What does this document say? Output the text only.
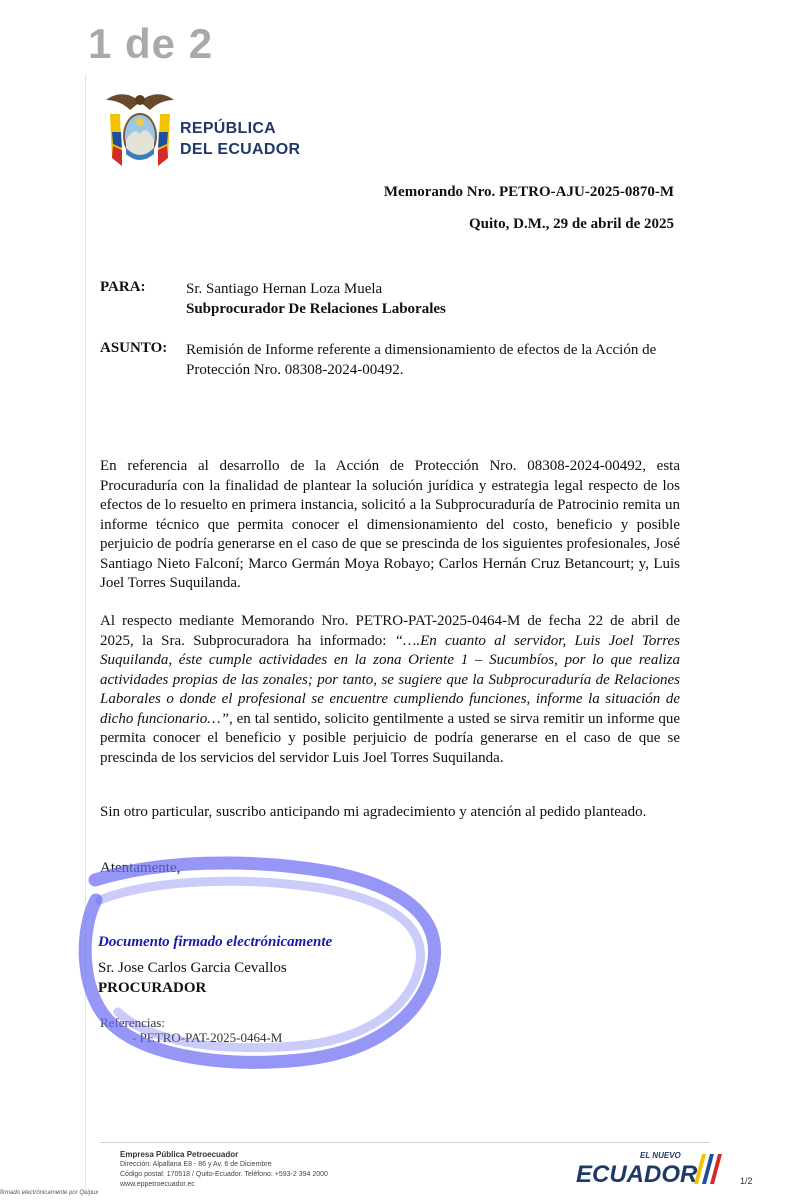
1 de 2
REPÚBLICA
DEL ECUADOR
Memorando Nro. PETRO-AJU-2025-0870-M
Quito, D.M., 29 de abril de 2025
PARA:	Sr. Santiago Hernan Loza Muela
Subprocurador De Relaciones Laborales
ASUNTO: Remisión de Informe referente a dimensionamiento de efectos de la Acción de Protección Nro. 08308-2024-00492.
En referencia al desarrollo de la Acción de Protección Nro. 08308-2024-00492, esta Procuraduría con la finalidad de plantear la solución jurídica y estrategia legal respecto de los efectos de lo resuelto en primera instancia, solicitó a la Subprocuraduría de Patrocinio remita un informe técnico que permita conocer el dimensionamiento del costo, beneficio y posible perjuicio de podría generarse en el caso de que se prescinda de los siguientes profesionales, José Santiago Nieto Falconí; Marco Germán Moya Robayo; Carlos Hernán Cruz Betancourt; y, Luis Joel Torres Suquilanda.
Al respecto mediante Memorando Nro. PETRO-PAT-2025-0464-M de fecha 22 de abril de 2025, la Sra. Subprocuradora ha informado: “….En cuanto al servidor, Luis Joel Torres Suquilanda, éste cumple actividades en la zona Oriente 1 – Sucumbíos, por lo que realiza actividades propias de las zonales; por tanto, se sugiere que la Subprocuraduría de Relaciones Laborales o donde el profesional se encuentre cumpliendo funciones, informe la situación de dicho funcionario…”, en tal sentido, solicito gentilmente a usted se sirva remitir un informe que permita conocer el beneficio y posible perjuicio de podría generarse en el caso de que se prescinda de los servicios del servidor Luis Joel Torres Suquilanda.
Sin otro particular, suscribo anticipando mi agradecimiento y atención al pedido planteado.
Atentamente,
Documento firmado electrónicamente
Sr. Jose Carlos Garcia Cevallos
PROCURADOR
Referencias:
- PETRO-PAT-2025-0464-M
Empresa Pública Petroecuador
Dirección: Alpallana E8 - 86 y Av. 6 de Diciembre
Código postal: 170518 / Quito-Ecuador. Teléfono: +593-2 394 2000
www.eppetroecuador.ec
EL NUEVO
ECUADOR	1/2
firmado electrónicamente por Quipux
